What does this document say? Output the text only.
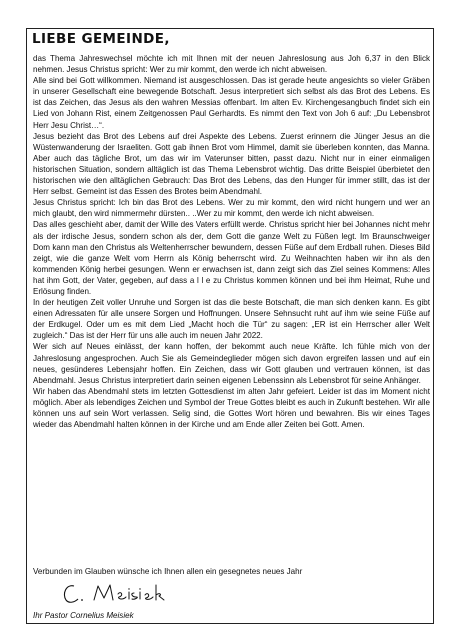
LIEBE GEMEINDE,

das Thema Jahreswechsel möchte ich mit Ihnen mit der neuen Jahreslosung aus Joh 6,37 in den Blick nehmen. Jesus Christus spricht: Wer zu mir kommt, den werde ich nicht abweisen.

Alle sind bei Gott willkommen. Niemand ist ausgeschlossen. Das ist gerade heute angesichts so vieler Gräben in unserer Gesellschaft eine bewegende Botschaft. Jesus interpretiert sich selbst als das Brot des Lebens. Es ist das Zeichen, das Jesus als den wahren Messias offenbart. Im alten Ev. Kirchengesangbuch findet sich ein Lied von Johann Rist, einem Zeitgenossen Paul Gerhardts. Es nimmt den Text von Joh 6 auf: „Du Lebensbrot Herr Jesu Christ…“.

Jesus bezieht das Brot des Lebens auf drei Aspekte des Lebens. Zuerst erinnern die Jünger Jesus an die Wüstenwanderung der Israeliten. Gott gab ihnen Brot vom Himmel, damit sie überleben konnten, das Manna. Aber auch das tägliche Brot, um das wir im Vaterunser bitten, passt dazu. Nicht nur in einer einmaligen historischen Situation, sondern alltäglich ist das Thema Lebensbrot wichtig. Das dritte Beispiel überbietet den historischen wie den alltäglichen Gebrauch: Das Brot des Lebens, das den Hunger für immer stillt, das ist der Herr selbst. Gemeint ist das Essen des Brotes beim Abendmahl.

Jesus Christus spricht: Ich bin das Brot des Lebens. Wer zu mir kommt, den wird nicht hungern und wer an mich glaubt, den wird nimmermehr dürsten.. ..Wer zu mir kommt, den werde ich nicht abweisen.

Das alles geschieht aber, damit der Wille des Vaters erfüllt werde. Christus spricht hier bei Johannes nicht mehr als der irdische Jesus, sondern schon als der, dem Gott die ganze Welt zu Füßen legt. Im Braunschweiger Dom kann man den Christus als Weltenherrscher bewundern, dessen Füße auf dem Erdball ruhen. Dieses Bild zeigt, wie die ganze Welt vom Herrn als König beherrscht wird. Zu Weihnachten haben wir ihn als den kommenden König herbei gesungen. Wenn er erwachsen ist, dann zeigt sich das Ziel seines Kommens: Alles hat ihm Gott, der Vater, gegeben, auf dass a l l e zu Christus kommen können und bei ihm Heimat, Ruhe und Erlösung finden.

In der heutigen Zeit voller Unruhe und Sorgen ist das die beste Botschaft, die man sich denken kann. Es gibt einen Adressaten für alle unsere Sorgen und Hoffnungen. Unsere Sehnsucht ruht auf ihm wie seine Füße auf der Erdkugel. Oder um es mit dem Lied „Macht hoch die Tür“ zu sagen: „ER ist ein Herrscher aller Welt zugleich.“ Das ist der Herr für uns alle auch im neuen Jahr 2022.

Wer sich auf Neues einlässt, der kann hoffen, der bekommt auch neue Kräfte. Ich fühle mich von der Jahreslosung angesprochen. Auch Sie als Gemeindeglieder mögen sich davon ergreifen lassen und auf ein neues, gesünderes Lebensjahr hoffen. Ein Zeichen, dass wir Gott glauben und vertrauen können, ist das Abendmahl. Jesus Christus interpretiert darin seinen eigenen Lebenssinn als Lebensbrot für seine Anhänger.

Wir haben das Abendmahl stets im letzten Gottesdienst im alten Jahr gefeiert. Leider ist das im Moment nicht möglich. Aber als lebendiges Zeichen und Symbol der Treue Gottes bleibt es auch in Zukunft bestehen. Wir alle können uns auf sein Wort verlassen. Selig sind, die Gottes Wort hören und bewahren. Bis wir eines Tages wieder das Abendmahl halten können in der Kirche und am Ende aller Zeiten bei Gott. Amen.

Verbunden im Glauben wünsche ich Ihnen allen ein gesegnetes neues Jahr
Ihr Pastor Cornelius Meisiek
